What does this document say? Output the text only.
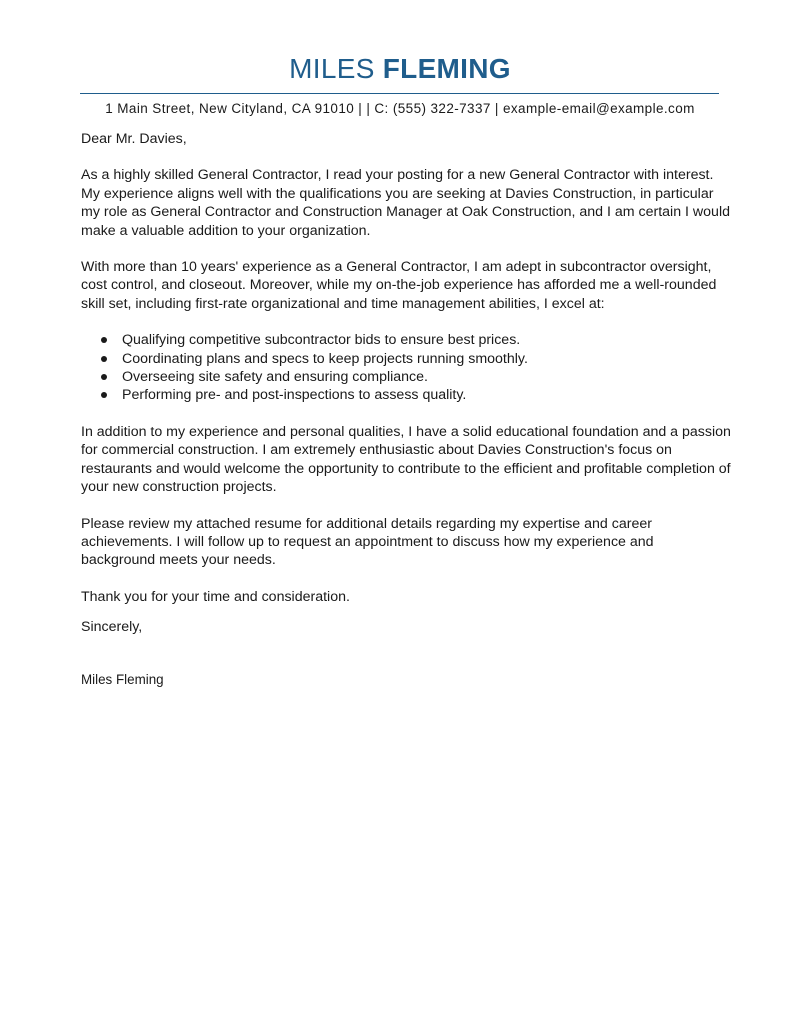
MILES FLEMING
1 Main Street, New Cityland, CA 91010 | | C: (555) 322-7337 | example-email@example.com

Dear Mr. Davies,

As a highly skilled General Contractor, I read your posting for a new General Contractor with interest. My experience aligns well with the qualifications you are seeking at Davies Construction, in particular my role as General Contractor and Construction Manager at Oak Construction, and I am certain I would make a valuable addition to your organization.

With more than 10 years' experience as a General Contractor, I am adept in subcontractor oversight, cost control, and closeout. Moreover, while my on-the-job experience has afforded me a well-rounded skill set, including first-rate organizational and time management abilities, I excel at:

Qualifying competitive subcontractor bids to ensure best prices.
Coordinating plans and specs to keep projects running smoothly.
Overseeing site safety and ensuring compliance.
Performing pre- and post-inspections to assess quality.

In addition to my experience and personal qualities, I have a solid educational foundation and a passion for commercial construction. I am extremely enthusiastic about Davies Construction's focus on restaurants and would welcome the opportunity to contribute to the efficient and profitable completion of your new construction projects.

Please review my attached resume for additional details regarding my expertise and career achievements. I will follow up to request an appointment to discuss how my experience and background meets your needs.

Thank you for your time and consideration.

Sincerely,

Miles Fleming
